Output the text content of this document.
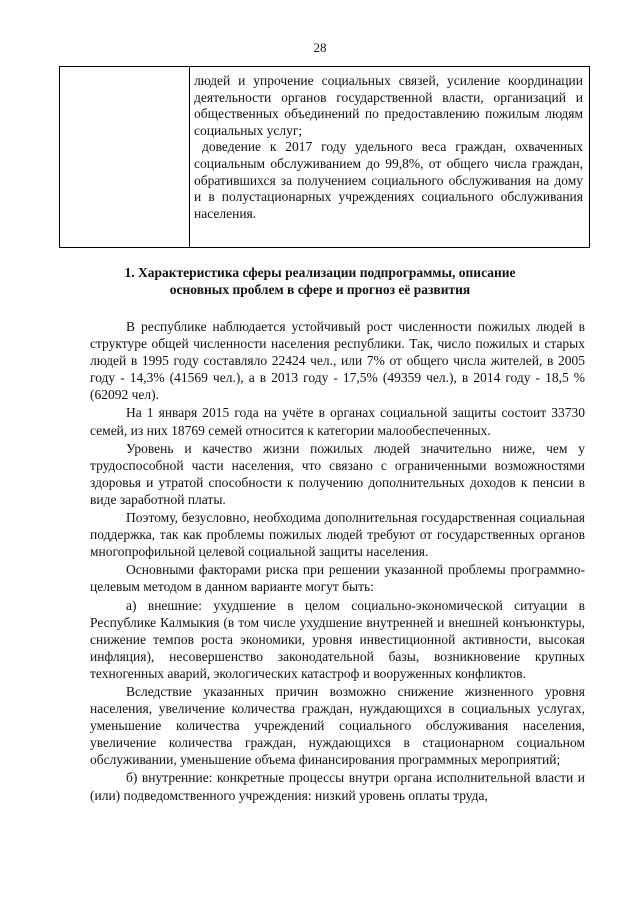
28

людей и упрочение социальных связей, усиление координации деятельности органов государственной власти, организаций и общественных объединений по предоставлению пожилым людям социальных услуг;

доведение к 2017 году удельного веса граждан, охваченных социальным обслуживанием до 99,8%, от общего числа граждан, обратившихся за получением социального обслуживания на дому и в полустационарных учреждениях социального обслуживания населения.

1. Характеристика сферы реализации подпрограммы, описание основных проблем в сфере и прогноз её развития

В республике наблюдается устойчивый рост численности пожилых людей в структуре общей численности населения республики. Так, число пожилых и старых людей в 1995 году составляло 22424 чел., или 7% от общего числа жителей, в 2005 году - 14,3% (41569 чел.), а в 2013 году - 17,5% (49359 чел.), в 2014 году - 18,5 % (62092 чел).

На 1 января 2015 года на учёте в органах социальной защиты состоит 33730 семей, из них 18769 семей относится к категории малообеспеченных.

Уровень и качество жизни пожилых людей значительно ниже, чем у трудоспособной части населения, что связано с ограниченными возможностями здоровья и утратой способности к получению дополнительных доходов к пенсии в виде заработной платы.

Поэтому, безусловно, необходима дополнительная государственная социальная поддержка, так как проблемы пожилых людей требуют от государственных органов многопрофильной целевой социальной защиты населения.

Основными факторами риска при решении указанной проблемы программно-целевым методом в данном варианте могут быть:

а) внешние: ухудшение в целом социально-экономической ситуации в Республике Калмыкия (в том числе ухудшение внутренней и внешней конъюнктуры, снижение темпов роста экономики, уровня инвестиционной активности, высокая инфляция), несовершенство законодательной базы, возникновение крупных техногенных аварий, экологических катастроф и вооруженных конфликтов.

Вследствие указанных причин возможно снижение жизненного уровня населения, увеличение количества граждан, нуждающихся в социальных услугах, уменьшение количества учреждений социального обслуживания населения, увеличение количества граждан, нуждающихся в стационарном социальном обслуживании, уменьшение объема финансирования программных мероприятий;

б) внутренние: конкретные процессы внутри органа исполнительной власти и (или) подведомственного учреждения: низкий уровень оплаты труда,
